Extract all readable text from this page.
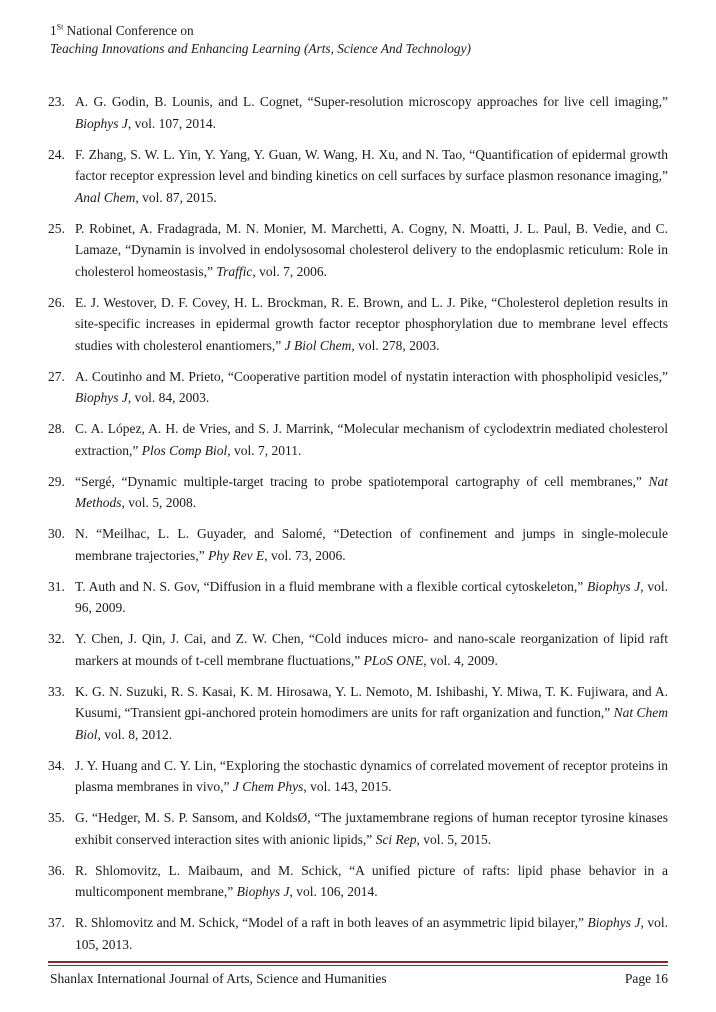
1St National Conference on
Teaching Innovations and Enhancing Learning (Arts, Science And Technology)
23. A. G. Godin, B. Lounis, and L. Cognet, “Super-resolution microscopy approaches for live cell imaging,” Biophys J, vol. 107, 2014.
24. F. Zhang, S. W. L. Yin, Y. Yang, Y. Guan, W. Wang, H. Xu, and N. Tao, “Quantification of epidermal growth factor receptor expression level and binding kinetics on cell surfaces by surface plasmon resonance imaging,” Anal Chem, vol. 87, 2015.
25. P. Robinet, A. Fradagrada, M. N. Monier, M. Marchetti, A. Cogny, N. Moatti, J. L. Paul, B. Vedie, and C. Lamaze, “Dynamin is involved in endolysosomal cholesterol delivery to the endoplasmic reticulum: Role in cholesterol homeostasis,” Traffic, vol. 7, 2006.
26. E. J. Westover, D. F. Covey, H. L. Brockman, R. E. Brown, and L. J. Pike, “Cholesterol depletion results in site-specific increases in epidermal growth factor receptor phosphorylation due to membrane level effects studies with cholesterol enantiomers,” J Biol Chem, vol. 278, 2003.
27. A. Coutinho and M. Prieto, “Cooperative partition model of nystatin interaction with phospholipid vesicles,” Biophys J, vol. 84, 2003.
28. C. A. López, A. H. de Vries, and S. J. Marrink, “Molecular mechanism of cyclodextrin mediated cholesterol extraction,” Plos Comp Biol, vol. 7, 2011.
29. “Sergé, “Dynamic multiple-target tracing to probe spatiotemporal cartography of cell membranes,” Nat Methods, vol. 5, 2008.
30. N. “Meilhac, L. L. Guyader, and Salomé, “Detection of confinement and jumps in single-molecule membrane trajectories,” Phy Rev E, vol. 73, 2006.
31. T. Auth and N. S. Gov, “Diffusion in a fluid membrane with a flexible cortical cytoskeleton,” Biophys J, vol. 96, 2009.
32. Y. Chen, J. Qin, J. Cai, and Z. W. Chen, “Cold induces micro- and nano-scale reorganization of lipid raft markers at mounds of t-cell membrane fluctuations,” PLoS ONE, vol. 4, 2009.
33. K. G. N. Suzuki, R. S. Kasai, K. M. Hirosawa, Y. L. Nemoto, M. Ishibashi, Y. Miwa, T. K. Fujiwara, and A. Kusumi, “Transient gpi-anchored protein homodimers are units for raft organization and function,” Nat Chem Biol, vol. 8, 2012.
34. J. Y. Huang and C. Y. Lin, “Exploring the stochastic dynamics of correlated movement of receptor proteins in plasma membranes in vivo,” J Chem Phys, vol. 143, 2015.
35. G. “Hedger, M. S. P. Sansom, and KoldsØ, “The juxtamembrane regions of human receptor tyrosine kinases exhibit conserved interaction sites with anionic lipids,” Sci Rep, vol. 5, 2015.
36. R. Shlomovitz, L. Maibaum, and M. Schick, “A unified picture of rafts: lipid phase behavior in a multicomponent membrane,” Biophys J, vol. 106, 2014.
37. R. Shlomovitz and M. Schick, “Model of a raft in both leaves of an asymmetric lipid bilayer,” Biophys J, vol. 105, 2013.
Shanlax International Journal of Arts, Science and Humanities	Page 16
